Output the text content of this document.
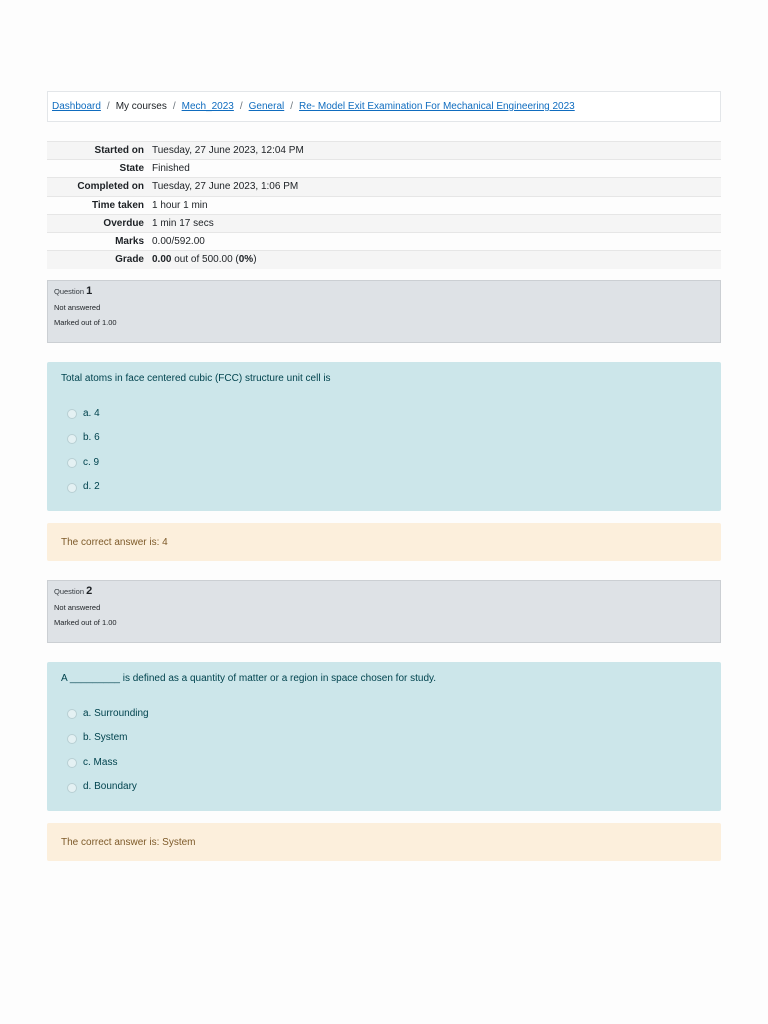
Dashboard / My courses / Mech_2023 / General / Re- Model Exit Examination For Mechanical Engineering 2023
Started on	Tuesday, 27 June 2023, 12:04 PM
State	Finished
Completed on	Tuesday, 27 June 2023, 1:06 PM
Time taken	1 hour 1 min
Overdue	1 min 17 secs
Marks	0.00/592.00
Grade	0.00 out of 500.00 (0%)
Question 1
Not answered
Marked out of 1.00
Total atoms in face centered cubic (FCC) structure unit cell is
a. 4
b. 6
c. 9
d. 2
The correct answer is: 4
Question 2
Not answered
Marked out of 1.00
A _________ is defined as a quantity of matter or a region in space chosen for study.
a. Surrounding
b. System
c. Mass
d. Boundary
The correct answer is: System
